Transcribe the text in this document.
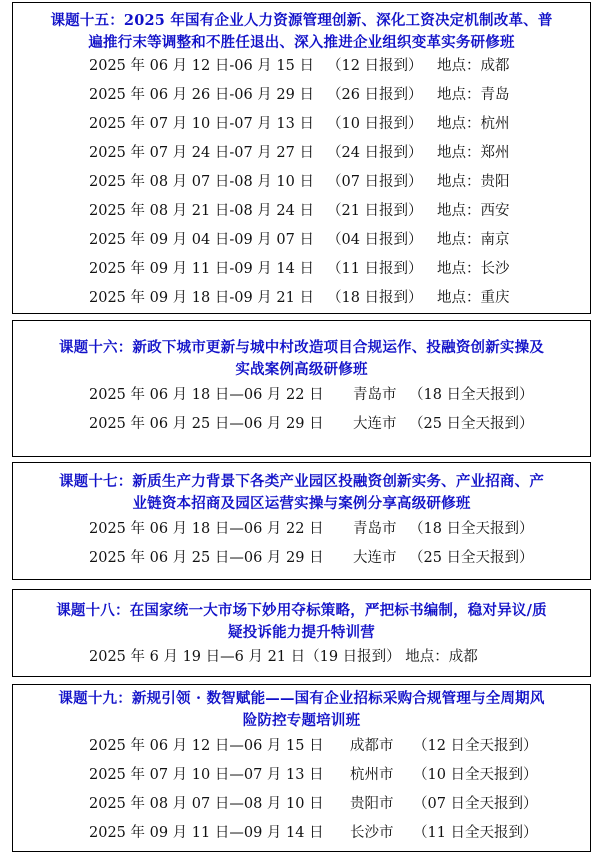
课题十五：2025 年国有企业人力资源管理创新、深化工资决定机制改革、普
遍推行末等调整和不胜任退出、深入推进企业组织变革实务研修班
2025 年 06 月 12 日-06 月 15 日 （12 日报到） 地点：成都
2025 年 06 月 26 日-06 月 29 日 （26 日报到） 地点：青岛
2025 年 07 月 10 日-07 月 13 日 （10 日报到） 地点：杭州
2025 年 07 月 24 日-07 月 27 日 （24 日报到） 地点：郑州
2025 年 08 月 07 日-08 月 10 日 （07 日报到） 地点：贵阳
2025 年 08 月 21 日-08 月 24 日 （21 日报到） 地点：西安
2025 年 09 月 04 日-09 月 07 日 （04 日报到） 地点：南京
2025 年 09 月 11 日-09 月 14 日 （11 日报到） 地点：长沙
2025 年 09 月 18 日-09 月 21 日 （18 日报到） 地点：重庆
课题十六：新政下城市更新与城中村改造项目合规运作、投融资创新实操及
实战案例高级研修班
2025 年 06 月 18 日—06 月 22 日 青岛市 （18 日全天报到）
2025 年 06 月 25 日—06 月 29 日 大连市 （25 日全天报到）
课题十七：新质生产力背景下各类产业园区投融资创新实务、产业招商、产
业链资本招商及园区运营实操与案例分享高级研修班
2025 年 06 月 18 日—06 月 22 日 青岛市 （18 日全天报到）
2025 年 06 月 25 日—06 月 29 日 大连市 （25 日全天报到）
课题十八：在国家统一大市场下妙用夺标策略，严把标书编制，稳对异议/质
疑投诉能力提升特训营
2025 年 6 月 19 日—6 月 21 日（19 日报到） 地点：成都
课题十九：新规引领 · 数智赋能——国有企业招标采购合规管理与全周期风
险防控专题培训班
2025 年 06 月 12 日—06 月 15 日 成都市 （12 日全天报到）
2025 年 07 月 10 日—07 月 13 日 杭州市 （10 日全天报到）
2025 年 08 月 07 日—08 月 10 日 贵阳市 （07 日全天报到）
2025 年 09 月 11 日—09 月 14 日 长沙市 （11 日全天报到）
